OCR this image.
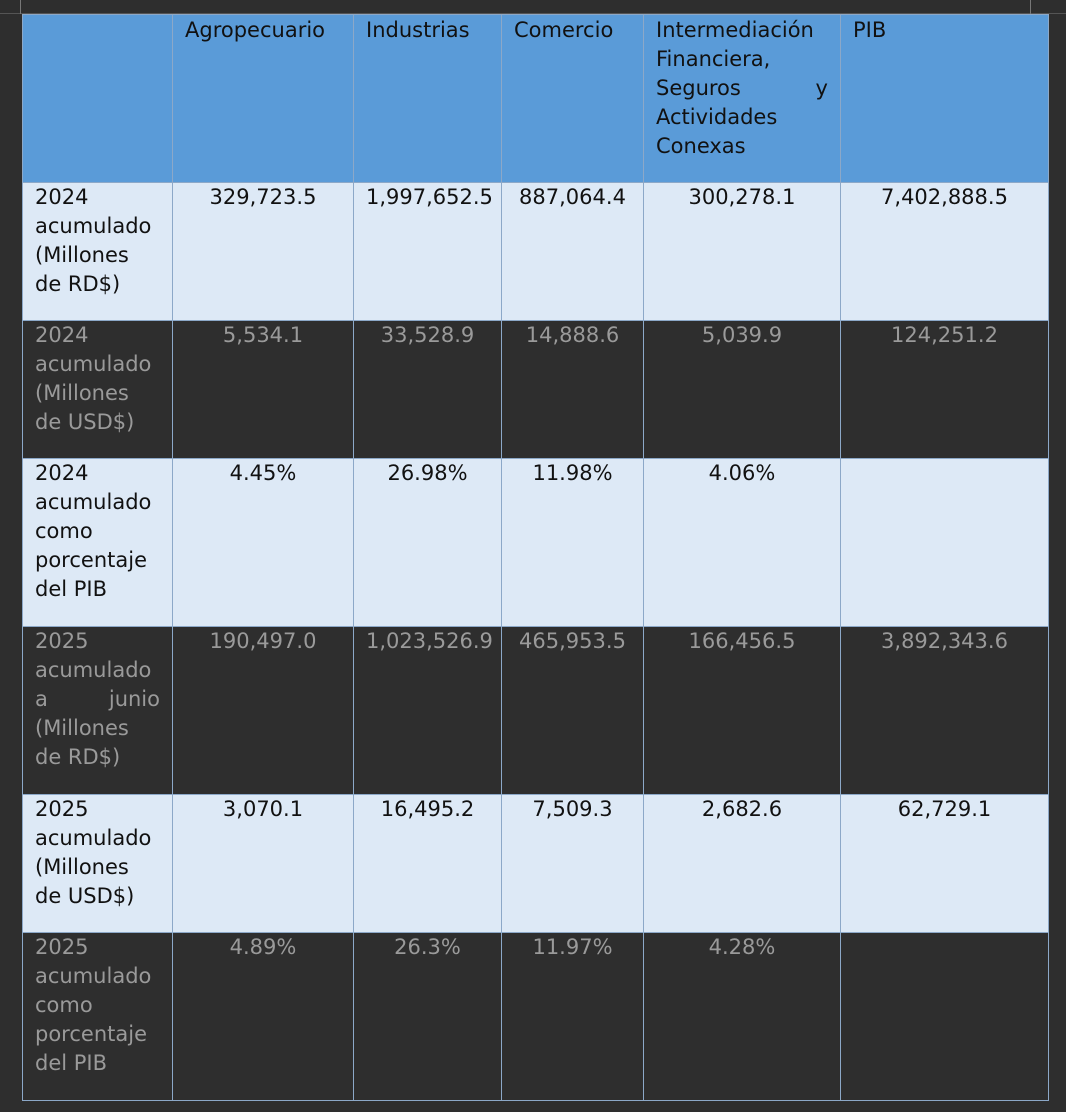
	Agropecuario	Industrias	Comercio	Intermediación Financiera, Seguros y Actividades Conexas	PIB
2024 acumulado (Millones de RD$)	329,723.5	1,997,652.5	887,064.4	300,278.1	7,402,888.5
2024 acumulado (Millones de USD$)	5,534.1	33,528.9	14,888.6	5,039.9	124,251.2
2024 acumulado como porcentaje del PIB	4.45%	26.98%	11.98%	4.06%	
2025 acumulado a junio (Millones de RD$)	190,497.0	1,023,526.9	465,953.5	166,456.5	3,892,343.6
2025 acumulado (Millones de USD$)	3,070.1	16,495.2	7,509.3	2,682.6	62,729.1
2025 acumulado como porcentaje del PIB	4.89%	26.3%	11.97%	4.28%	
